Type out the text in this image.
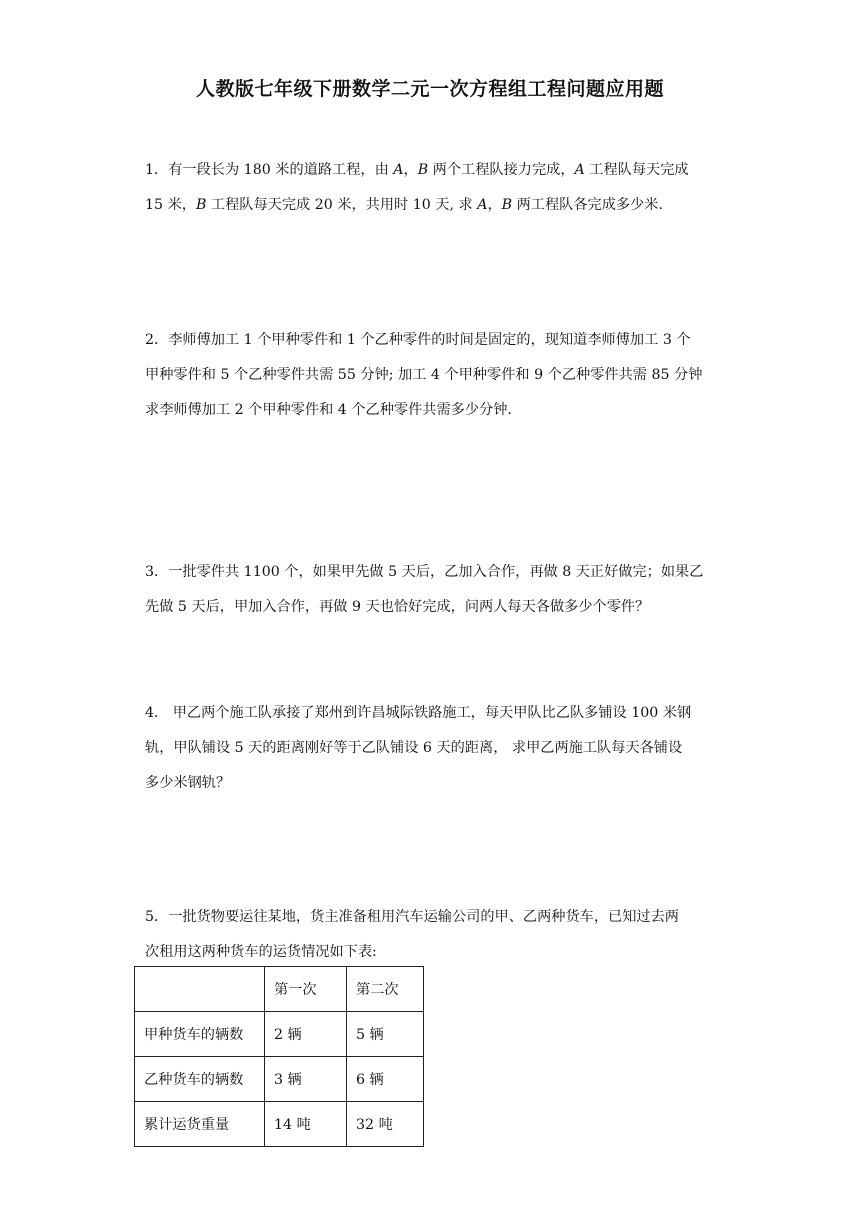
人教版七年级下册数学二元一次方程组工程问题应用题
1．有一段长为 180 米的道路工程，由 A，B 两个工程队接力完成，A 工程队每天完成
15 米，B 工程队每天完成 20 米，共用时 10 天, 求 A，B 两工程队各完成多少米.
2．李师傅加工 1 个甲种零件和 1 个乙种零件的时间是固定的，现知道李师傅加工 3 个
甲种零件和 5 个乙种零件共需 55 分钟; 加工 4 个甲种零件和 9 个乙种零件共需 85 分钟
求李师傅加工 2 个甲种零件和 4 个乙种零件共需多少分钟.
3．一批零件共 1100 个，如果甲先做 5 天后，乙加入合作，再做 8 天正好做完；如果乙
先做 5 天后，甲加入合作，再做 9 天也恰好完成，问两人每天各做多少个零件？
4． 甲乙两个施工队承接了郑州到许昌城际铁路施工，每天甲队比乙队多铺设 100 米钢
轨，甲队铺设 5 天的距离刚好等于乙队铺设 6 天的距离， 求甲乙两施工队每天各铺设
多少米钢轨？
5．一批货物要运往某地，货主准备租用汽车运输公司的甲、乙两种货车，已知过去两
次租用这两种货车的运货情况如下表:
	第一次	第二次
甲种货车的辆数	2 辆	5 辆
乙种货车的辆数	3 辆	6 辆
累计运货重量	14 吨	32 吨
